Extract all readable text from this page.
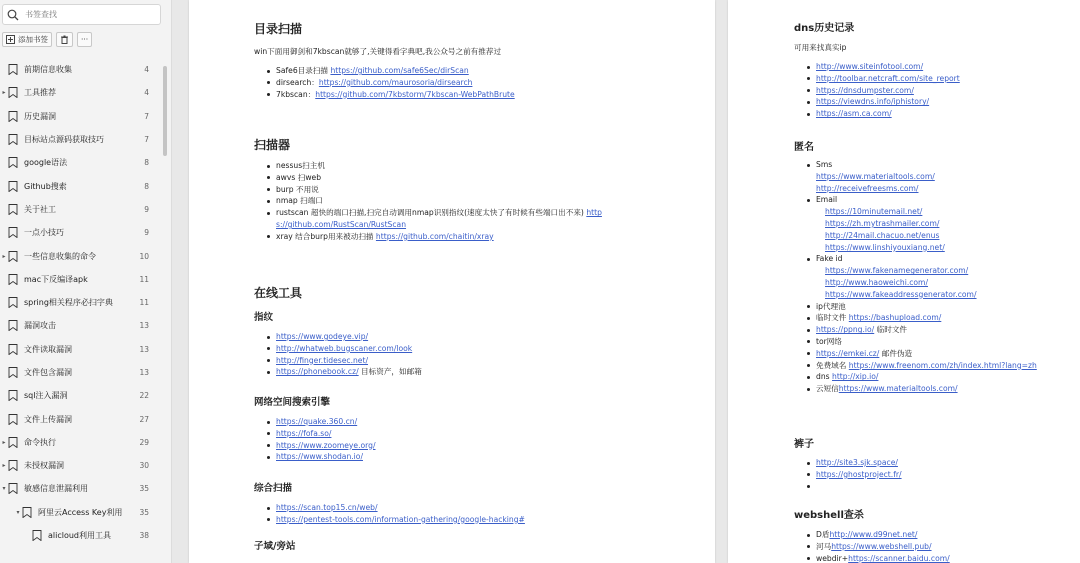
书签查找
添加书签	···
前期信息收集	4
▸	工具推荐	4
历史漏洞	7
目标站点源码获取技巧	7
google语法	8
Github搜索	8
关于社工	9
一点小技巧	9
▸	一些信息收集的命令	10
mac下反编译apk	11
spring相关程序必扫字典	11
漏洞攻击	13
文件读取漏洞	13
文件包含漏洞	13
sql注入漏洞	22
文件上传漏洞	27
▸	命令执行	29
▸	未授权漏洞	30
▾	敏感信息泄漏利用	35
▾	阿里云Access Key利用 35
alicloud利用工具	38
目录扫描

win下面用御剑和7kbscan就够了,关键得看字典吧,我公众号之前有推荐过

Safe6目录扫描 https://github.com/safe6Sec/dirScan
dirsearch：https://github.com/maurosoria/dirsearch
7kbscan：https://github.com/7kbstorm/7kbscan-WebPathBrute
扫描器
nessus扫主机
awvs 扫web
burp 不用说
nmap 扫端口
rustscan 超快的端口扫描,扫完自动调用nmap识别指纹(速度太快了有时候有些端口出不来) http
s://github.com/RustScan/RustScan
xray 结合burp用来被动扫描 https://github.com/chaitin/xray
在线工具
指纹
https://www.godeye.vip/
http://whatweb.bugscaner.com/look
http://finger.tidesec.net/
https://phonebook.cz/ 目标资产，如邮箱
网络空间搜索引擎
https://quake.360.cn/
https://fofa.so/
https://www.zoomeye.org/
https://www.shodan.io/
综合扫描
https://scan.top15.cn/web/
https://pentest-tools.com/information-gathering/google-hacking#
子域/旁站
dns历史记录

可用来找真实ip

http://www.siteinfotool.com/
http://toolbar.netcraft.com/site_report
https://dnsdumpster.com/
https://viewdns.info/iphistory/
https://asm.ca.com/
匿名
Sms
https://www.materialtools.com/
http://receivefreesms.com/
Email
https://10minutemail.net/
https://zh.mytrashmailer.com/
http://24mail.chacuo.net/enus
https://www.linshiyouxiang.net/
Fake id
https://www.fakenamegenerator.com/
http://www.haoweichi.com/
https://www.fakeaddressgenerator.com/
ip代理池
临时文件 https://bashupload.com/
https://ppng.io/ 临时文件
tor网络
https://emkei.cz/ 邮件伪造
免费域名 https://www.freenom.com/zh/index.html?lang=zh
dns http://xip.io/
云短信https://www.materialtools.com/
裤子
http://site3.sjk.space/
https://ghostproject.fr/
webshell查杀
D盾http://www.d99net.net/
河马https://www.webshell.pub/
webdir+https://scanner.baidu.com/
